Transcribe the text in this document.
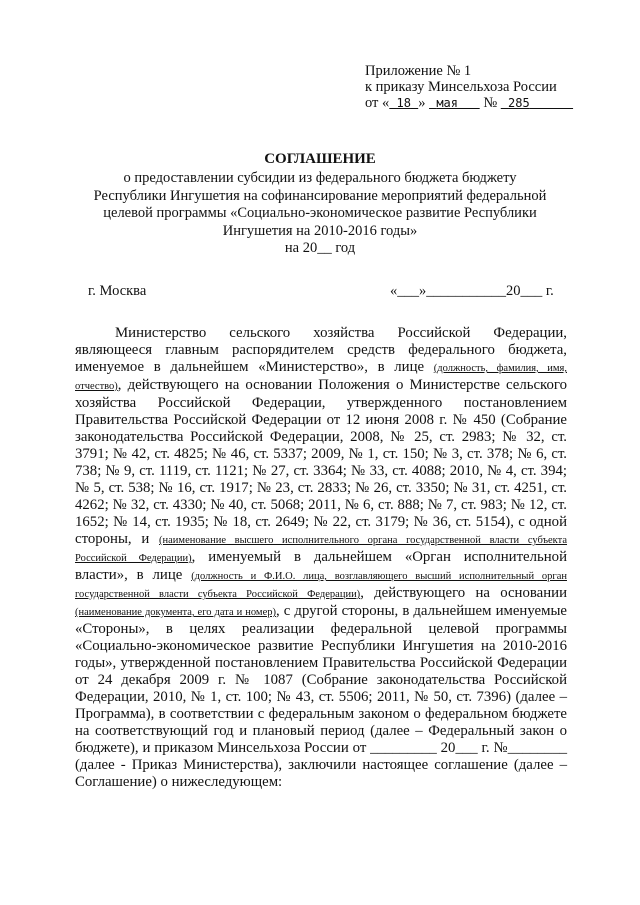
Приложение № 1
к приказу Минсельхоза России
от « 18 » мая № 285
СОГЛАШЕНИЕ
о предоставлении субсидии из федерального бюджета бюджету
Республики Ингушетия на софинансирование мероприятий федеральной
целевой программы «Социально-экономическое развитие Республики
Ингушетия на 2010-2016 годы»
на 20__ год
г. Москва	«___»___________20___ г.

Министерство сельского хозяйства Российской Федерации, являющееся главным распорядителем средств федерального бюджета, именуемое в дальнейшем «Министерство», в лице (должность, фамилия, имя, отчество), действующего на основании Положения о Министерстве сельского хозяйства Российской Федерации, утвержденного постановлением Правительства Российской Федерации от 12 июня 2008 г. № 450 (Собрание законодательства Российской Федерации, 2008, № 25, ст. 2983; № 32, ст. 3791; № 42, ст. 4825; № 46, ст. 5337; 2009, № 1, ст. 150; № 3, ст. 378; № 6, ст. 738; № 9, ст. 1119, ст. 1121; № 27, ст. 3364; № 33, ст. 4088; 2010, № 4, ст. 394; № 5, ст. 538; № 16, ст. 1917; № 23, ст. 2833; № 26, ст. 3350; № 31, ст. 4251, ст. 4262; № 32, ст. 4330; № 40, ст. 5068; 2011, № 6, ст. 888; № 7, ст. 983; № 12, ст. 1652; № 14, ст. 1935; № 18, ст. 2649; № 22, ст. 3179; № 36, ст. 5154), с одной стороны, и (наименование высшего исполнительного органа государственной власти субъекта Российской Федерации), именуемый в дальнейшем «Орган исполнительной власти», в лице (должность и Ф.И.О. лица, возглавляющего высший исполнительный орган государственной власти субъекта Российской Федерации), действующего на основании (наименование документа, его дата и номер), с другой стороны, в дальнейшем именуемые «Стороны», в целях реализации федеральной целевой программы «Социально-экономическое развитие Республики Ингушетия на 2010-2016 годы», утвержденной постановлением Правительства Российской Федерации от 24 декабря 2009 г. № 1087 (Собрание законодательства Российской Федерации, 2010, № 1, ст. 100; № 43, ст. 5506; 2011, № 50, ст. 7396) (далее – Программа), в соответствии с федеральным законом о федеральном бюджете на соответствующий год и плановый период (далее – Федеральный закон о бюджете), и приказом Минсельхоза России от _________ 20___ г. №________ (далее - Приказ Министерства), заключили настоящее соглашение (далее – Соглашение) о нижеследующем:
